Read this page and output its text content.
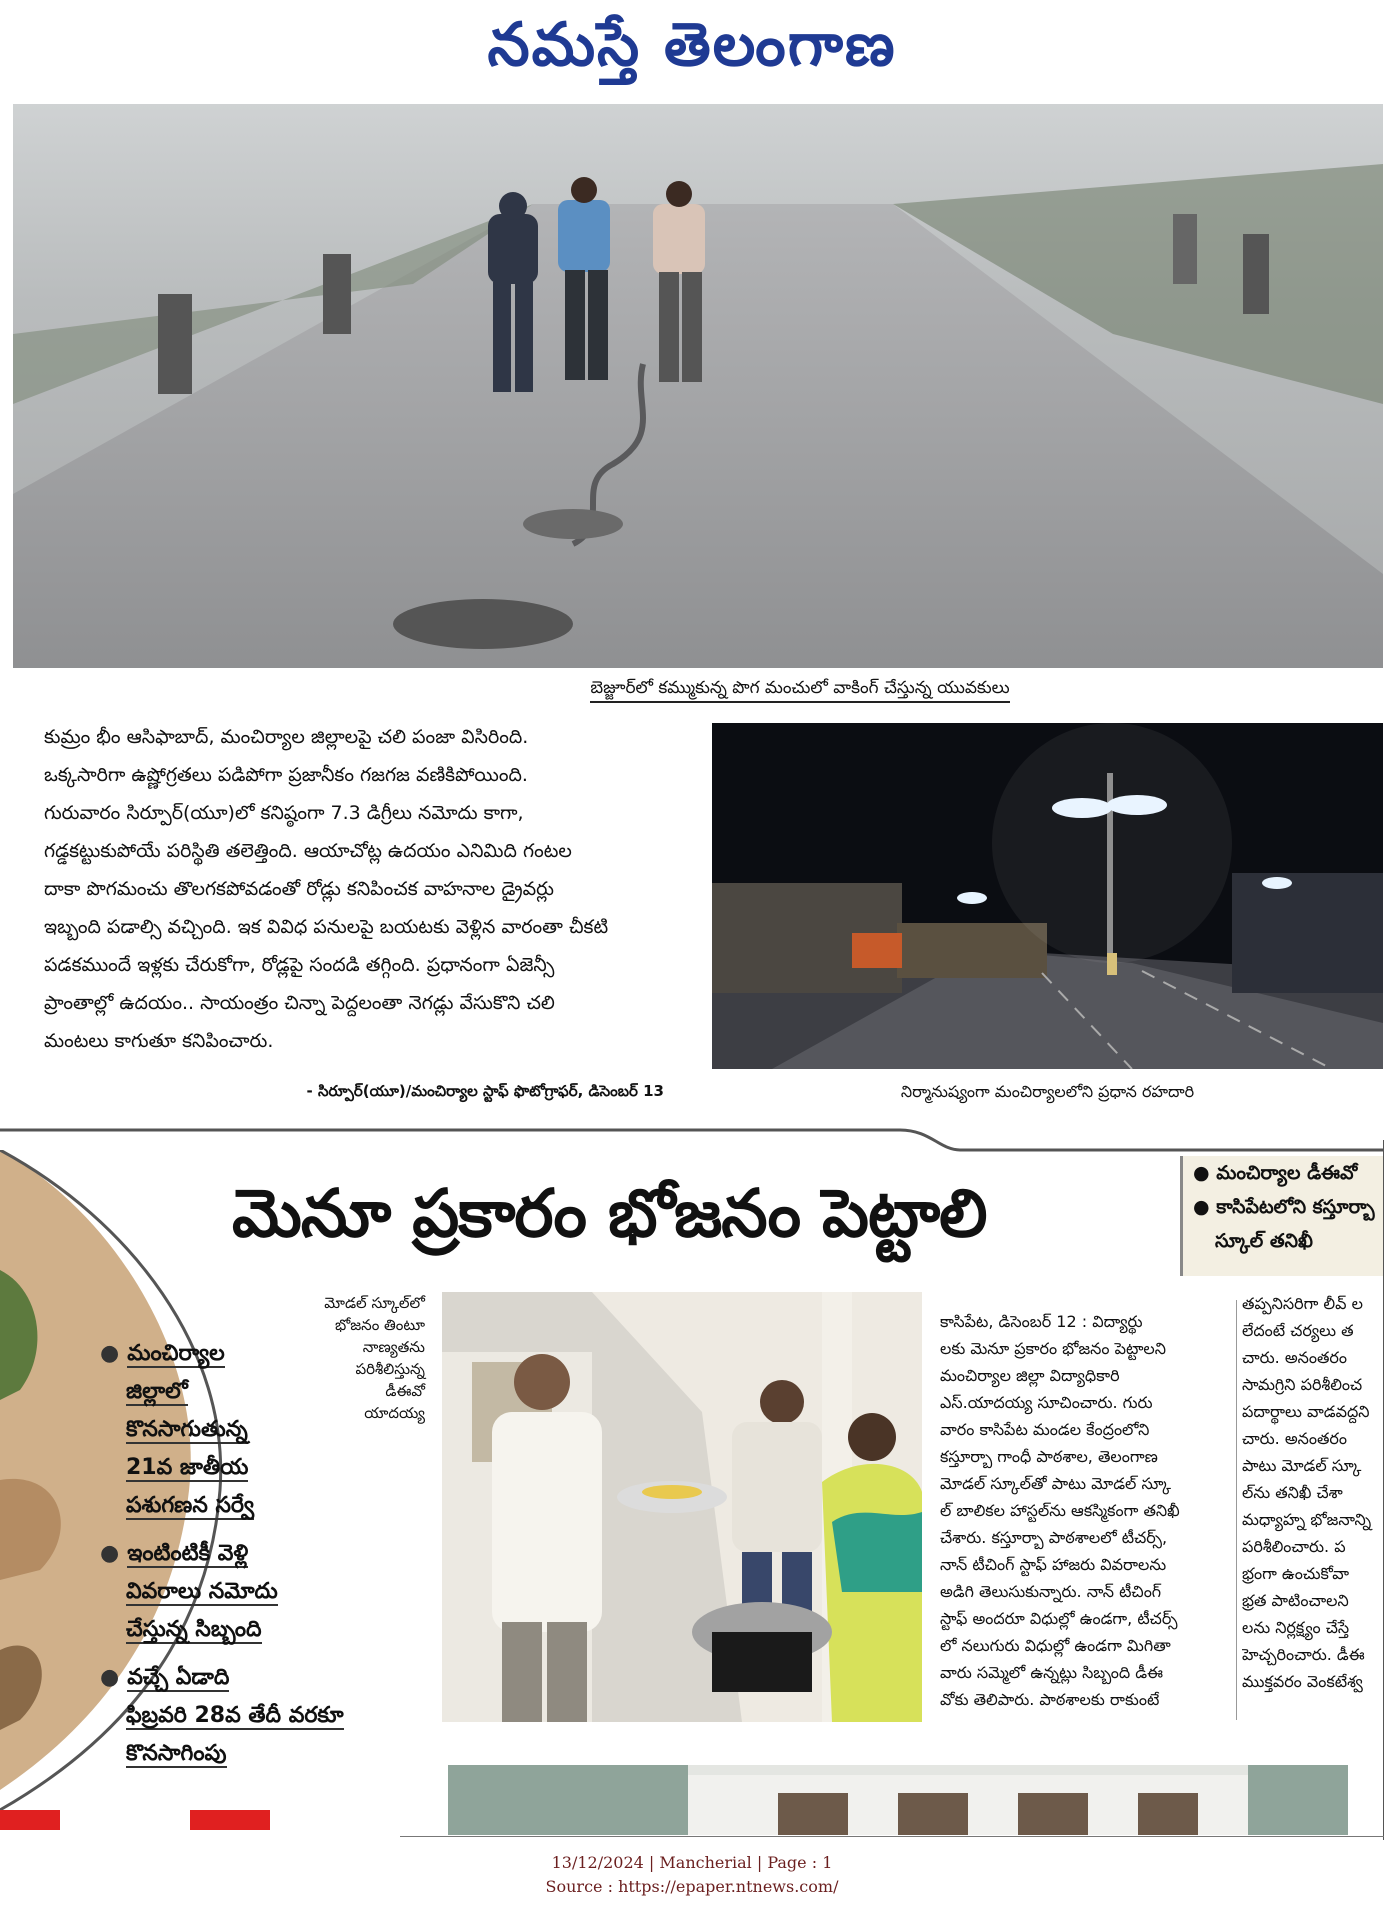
నమస్తే తెలంగాణ
బెజ్జూర్‌లో కమ్ముకున్న పొగ మంచులో వాకింగ్ చేస్తున్న యువకులు

కుమ్రం భీం ఆసిఫాబాద్, మంచిర్యాల జిల్లాలపై చలి పంజా విసిరింది.

ఒక్కసారిగా ఉష్ణోగ్రతలు పడిపోగా ప్రజానీకం గజగజ వణికిపోయింది.

గురువారం సిర్పూర్(యూ)లో కనిష్ఠంగా 7.3 డిగ్రీలు నమోదు కాగా,

గడ్డకట్టుకుపోయే పరిస్థితి తలెత్తింది. ఆయాచోట్ల ఉదయం ఎనిమిది గంటల

దాకా పొగమంచు తొలగకపోవడంతో రోడ్లు కనిపించక వాహనాల డ్రైవర్లు

ఇబ్బంది పడాల్సి వచ్చింది. ఇక వివిధ పనులపై బయటకు వెళ్లిన వారంతా చీకటి

పడకముందే ఇళ్లకు చేరుకోగా, రోడ్లపై సందడి తగ్గింది. ప్రధానంగా ఏజెన్సీ

ప్రాంతాల్లో ఉదయం.. సాయంత్రం చిన్నా పెద్దలంతా నెగడ్లు వేసుకొని చలి

మంటలు కాగుతూ కనిపించారు.

- సిర్పూర్(యూ)/మంచిర్యాల స్టాఫ్ ఫొటోగ్రాఫర్, డిసెంబర్ 13	నిర్మానుష్యంగా మంచిర్యాలలోని ప్రధాన రహదారి
● మంచిర్యాల
జిల్లాలో
కొనసాగుతున్న
21వ జాతీయ
పశుగణన సర్వే
● ఇంటింటికీ వెళ్లి
వివరాలు నమోదు
చేస్తున్న సిబ్బంది
● వచ్చే ఏడాది
ఫిబ్రవరి 28వ తేదీ వరకూ
కొనసాగింపు
మెనూ ప్రకారం భోజనం పెట్టాలి
● మంచిర్యాల డీఈవో
● కాసిపేటలోని కస్తూర్బా
స్కూల్ తనిఖీ
మోడల్ స్కూల్‌లో
భోజనం తింటూ
నాణ్యతను
పరిశీలిస్తున్న
డీఈవో
యాదయ్య
కాసిపేట, డిసెంబర్ 12 : విద్యార్థు
లకు మెనూ ప్రకారం భోజనం పెట్టాలని
మంచిర్యాల జిల్లా విద్యాధికారి
ఎస్.యాదయ్య సూచించారు. గురు
వారం కాసిపేట మండల కేంద్రంలోని
కస్తూర్బా గాంధీ పాఠశాల, తెలంగాణ
మోడల్ స్కూల్‌తో పాటు మోడల్ స్కూ
ల్ బాలికల హాస్టల్‌ను ఆకస్మికంగా తనిఖీ
చేశారు. కస్తూర్బా పాఠశాలలో టీచర్స్,
నాన్ టీచింగ్ స్టాఫ్ హాజరు వివరాలను
అడిగి తెలుసుకున్నారు. నాన్ టీచింగ్
స్టాఫ్ అందరూ విధుల్లో ఉండగా, టీచర్స్
లో నలుగురు విధుల్లో ఉండగా మిగితా
వారు సమ్మెలో ఉన్నట్లు సిబ్బంది డీఈ
వోకు తెలిపారు. పాఠశాలకు రాకుంటే
తప్పనిసరిగా లీవ్ ల
లేదంటే చర్యలు త
చారు. అనంతరం
సామగ్రిని పరిశీలించ
పదార్థాలు వాడవద్దని
చారు. అనంతరం
పాటు మోడల్ స్కూ
ల్‌ను తనిఖీ చేశా
మధ్యాహ్న భోజనాన్ని
పరిశీలించారు. ప
భ్రంగా ఉంచుకోవా
భ్రత పాటించాలని
లను నిర్లక్ష్యం చేస్తే
హెచ్చరించారు. డీఈ
ముక్తవరం వెంకటేశ్వ
13/12/2024 | Mancherial | Page : 1
Source : https://epaper.ntnews.com/
